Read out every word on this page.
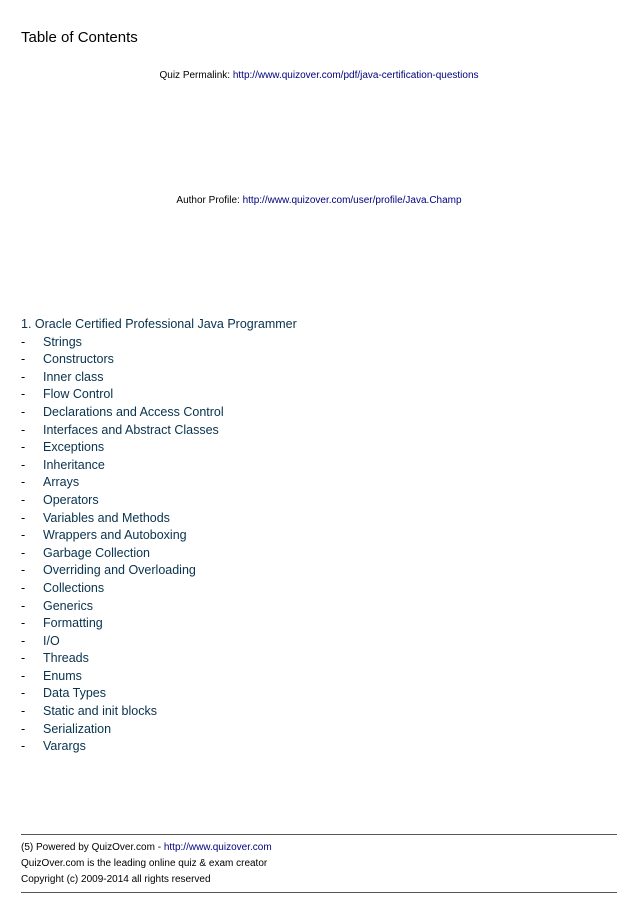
Table of Contents
Quiz Permalink: http://www.quizover.com/pdf/java-certification-questions
Author Profile: http://www.quizover.com/user/profile/Java.Champ
1. Oracle Certified Professional Java Programmer
- Strings
- Constructors
- Inner class
- Flow Control
- Declarations and Access Control
- Interfaces and Abstract Classes
- Exceptions
- Inheritance
- Arrays
- Operators
- Variables and Methods
- Wrappers and Autoboxing
- Garbage Collection
- Overriding and Overloading
- Collections
- Generics
- Formatting
- I/O
- Threads
- Enums
- Data Types
- Static and init blocks
- Serialization
- Varargs
(5) Powered by QuizOver.com - http://www.quizover.com
QuizOver.com is the leading online quiz & exam creator
Copyright (c) 2009-2014 all rights reserved
